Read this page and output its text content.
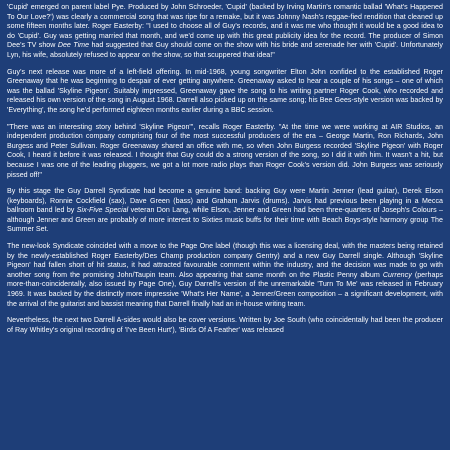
'Cupid' emerged on parent label Pye. Produced by John Schroeder, 'Cupid' (backed by Irving Martin's romantic ballad 'What's Happened To Our Love?') was clearly a commercial song that was ripe for a remake, but it was Johnny Nash's reggae-fied rendition that cleaned up some fifteen months later. Roger Easterby: "I used to choose all of Guy's records, and it was me who thought it would be a good idea to do 'Cupid'. Guy was getting married that month, and we'd come up with this great publicity idea for the record. The producer of Simon Dee's TV show Dee Time had suggested that Guy should come on the show with his bride and serenade her with 'Cupid'. Unfortunately Lyn, his wife, absolutely refused to appear on the show, so that scuppered that idea!"

Guy's next release was more of a left-field offering. In mid-1968, young songwriter Elton John confided to the established Roger Greenaway that he was beginning to despair of ever getting anywhere. Greenaway asked to hear a couple of his songs – one of which was the ballad 'Skyline Pigeon'. Suitably impressed, Greenaway gave the song to his writing partner Roger Cook, who recorded and released his own version of the song in August 1968. Darrell also picked up on the same song; his Bee Gees-style version was backed by 'Everything', the song he'd performed eighteen months earlier during a BBC session.

"There was an interesting story behind 'Skyline Pigeon'", recalls Roger Easterby. "At the time we were working at AIR Studios, an independent production company comprising four of the most successful producers of the era – George Martin, Ron Richards, John Burgess and Peter Sullivan. Roger Greenaway shared an office with me, so when John Burgess recorded 'Skyline Pigeon' with Roger Cook, I heard it before it was released. I thought that Guy could do a strong version of the song, so I did it with him. It wasn't a hit, but because I was one of the leading pluggers, we got a lot more radio plays than Roger Cook's version did. John Burgess was seriously pissed off!"

By this stage the Guy Darrell Syndicate had become a genuine band: backing Guy were Martin Jenner (lead guitar), Derek Elson (keyboards), Ronnie Cockfield (sax), Dave Green (bass) and Graham Jarvis (drums). Jarvis had previous been playing in a Mecca ballroom band led by Six-Five Special veteran Don Lang, while Elson, Jenner and Green had been three-quarters of Joseph's Colours – although Jenner and Green are probably of more interest to Sixties music buffs for their time with Beach Boys-style harmony group The Summer Set.

The new-look Syndicate coincided with a move to the Page One label (though this was a licensing deal, with the masters being retained by the newly-established Roger Easterby/Des Champ production company Gentry) and a new Guy Darrell single. Although 'Skyline Pigeon' had fallen short of hit status, it had attracted favourable comment within the industry, and the decision was made to go with another song from the promising John/Taupin team. Also appearing that same month on the Plastic Penny album Currency (perhaps more-than-coincidentally, also issued by Page One), Guy Darrell's version of the unremarkable 'Turn To Me' was released in February 1969. It was backed by the distinctly more impressive 'What's Her Name', a Jenner/Green composition – a significant development, with the arrival of the guitarist and bassist meaning that Darrell finally had an in-house writing team.

Nevertheless, the next two Darrell A-sides would also be cover versions. Written by Joe South (who coincidentally had been the producer of Ray Whitley's original recording of 'I've Been Hurt'), 'Birds Of A Feather' was released
